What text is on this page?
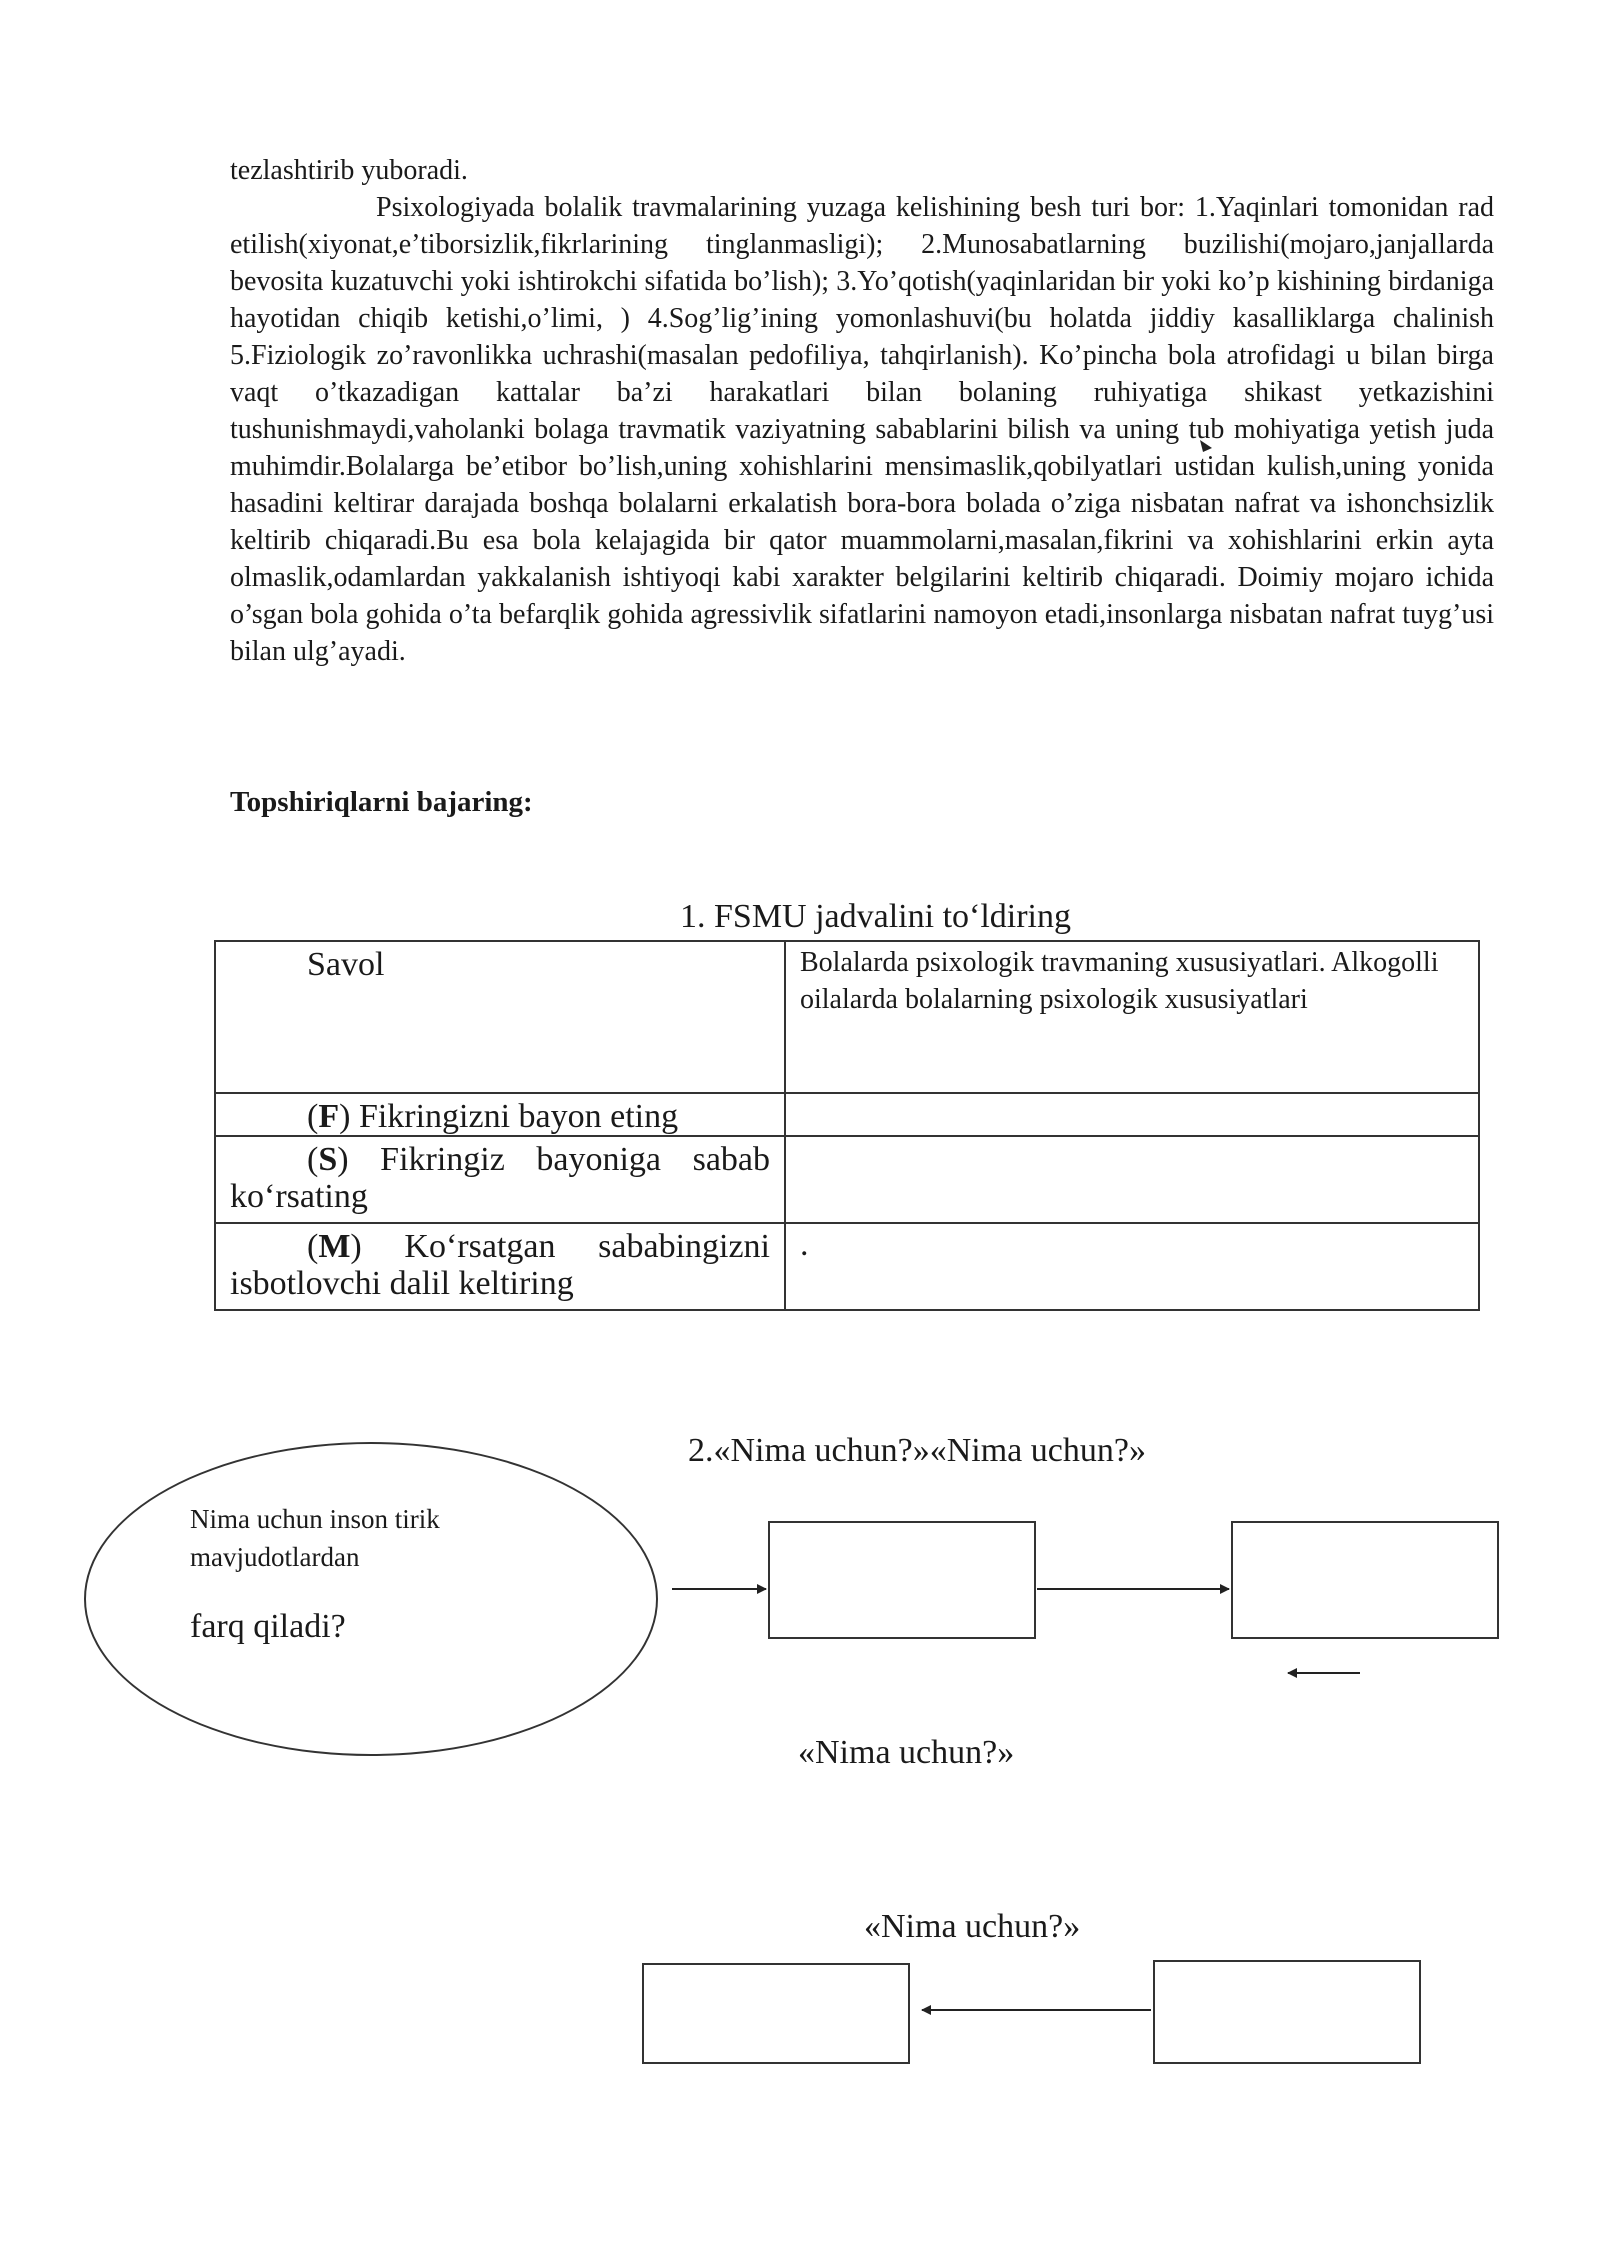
tezlashtirib yuboradi.

Psixologiyada bolalik travmalarining yuzaga kelishining besh turi bor: 1.Yaqinlari tomonidan rad etilish(xiyonat,e’tiborsizlik,fikrlarining tinglanmasligi); 2.Munosabatlarning buzilishi(mojaro,janjallarda bevosita kuzatuvchi yoki ishtirokchi sifatida bo’lish); 3.Yo’qotish(yaqinlaridan bir yoki ko’p kishining birdaniga hayotidan chiqib ketishi,o’limi, ) 4.Sog’lig’ining yomonlashuvi(bu holatda jiddiy kasalliklarga chalinish 5.Fiziologik zo’ravonlikka uchrashi(masalan pedofiliya, tahqirlanish). Ko’pincha bola atrofidagi u bilan birga vaqt o’tkazadigan kattalar ba’zi harakatlari bilan bolaning ruhiyatiga shikast yetkazishini tushunishmaydi,vaholanki bolaga travmatik vaziyatning sabablarini bilish va uning tub mohiyatiga yetish juda muhimdir.Bolalarga be’etibor bo’lish,uning xohishlarini mensimaslik,qobilyatlari ustidan kulish,uning yonida hasadini keltirar darajada boshqa bolalarni erkalatish bora-bora bolada o’ziga nisbatan nafrat va ishonchsizlik keltirib chiqaradi.Bu esa bola kelajagida bir qator muammolarni,masalan,fikrini va xohishlarini erkin ayta olmaslik,odamlardan yakkalanish ishtiyoqi kabi xarakter belgilarini keltirib chiqaradi. Doimiy mojaro ichida o’sgan bola gohida o’ta befarqlik gohida agressivlik sifatlarini namoyon etadi,insonlarga nisbatan nafrat tuyg’usi bilan ulg’ayadi.

Topshiriqlarni bajaring:
1. FSMU jadvalini to‘ldiring
Savol	Bolalarda psixologik travmaning xususiyatlari. Alkogolli oilalarda bolalarning psixologik xususiyatlari

(F) Fikringizni bayon eting	

(S) Fikringiz bayoniga sabab ko‘rsating	

(M) Ko‘rsatgan sababingizni isbotlovchi dalil keltiring	.
2.«Nima uchun?»«Nima uchun?»
Nima uchun inson tirik mavjudotlardan
farq qiladi?
«Nima uchun?»
«Nima uchun?»
